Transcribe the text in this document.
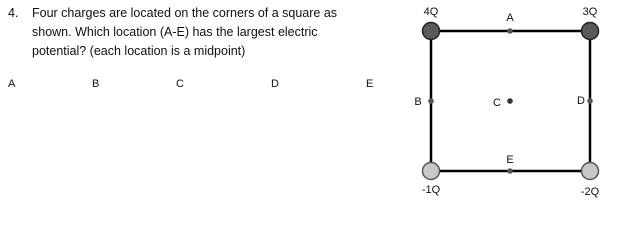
4. Four charges are located on the corners of a square as shown. Which location (A-E) has the largest electric potential? (each location is a midpoint)
A	B	C	D	E
4Q	3Q
-1Q	-2Q
A
B	C	D
E
